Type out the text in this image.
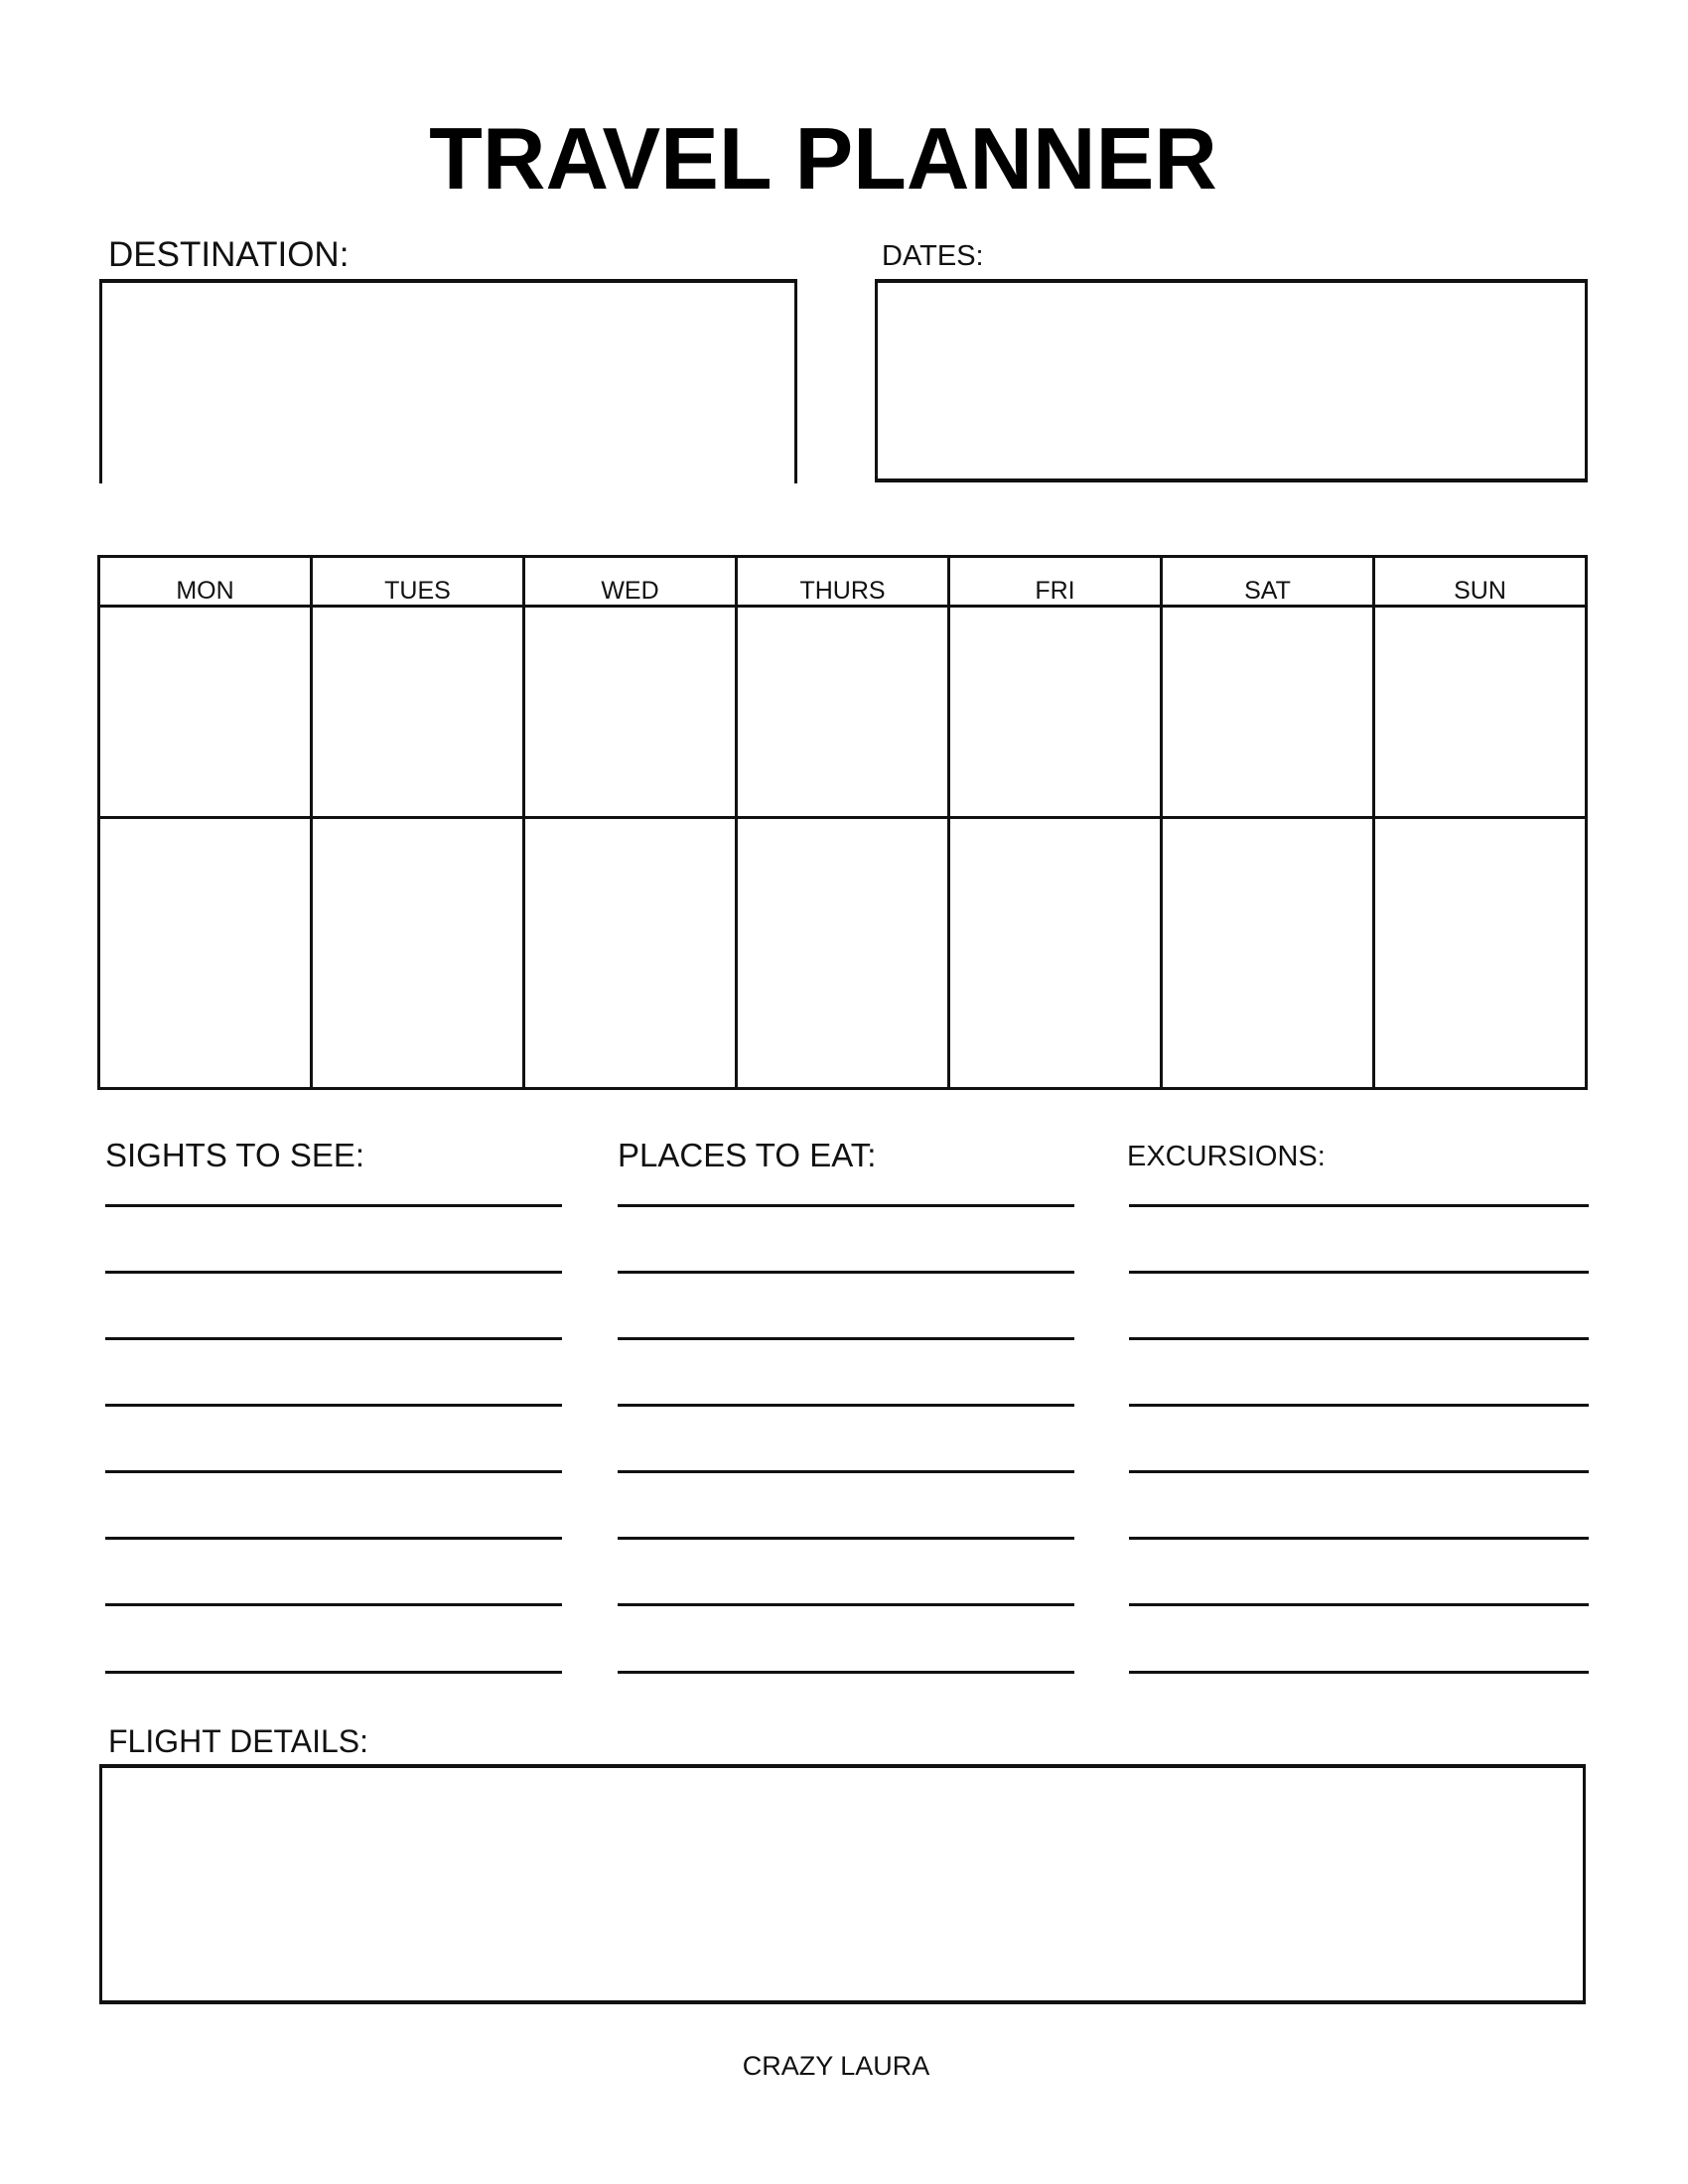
TRAVEL PLANNER
DESTINATION:	DATES:
MON	TUES	WED	THURS	FRI	SAT	SUN

SIGHTS TO SEE:	PLACES TO EAT:	EXCURSIONS:
FLIGHT DETAILS:
CRAZY LAURA
